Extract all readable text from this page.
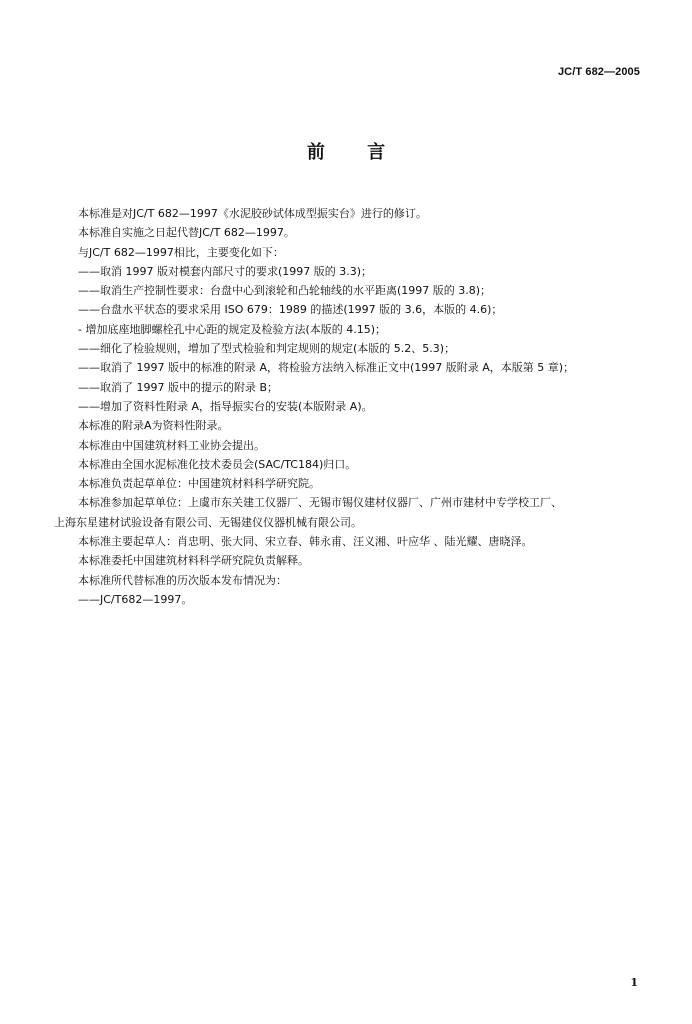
JC/T 682—2005
前 言

本标准是对JC/T 682—1997《水泥胶砂试体成型振实台》进行的修订。

本标准自实施之日起代替JC/T 682—1997。

与JC/T 682—1997相比，主要变化如下：

——取消 1997 版对模套内部尺寸的要求(1997 版的 3.3)；

——取消生产控制性要求：台盘中心到滚轮和凸轮轴线的水平距离(1997 版的 3.8)；

——台盘水平状态的要求采用 ISO 679：1989 的描述(1997 版的 3.6，本版的 4.6)；

- 增加底座地脚螺栓孔中心距的规定及检验方法(本版的 4.15)；

——细化了检验规则，增加了型式检验和判定规则的规定(本版的 5.2、5.3)；

——取消了 1997 版中的标准的附录 A，将检验方法纳入标准正文中(1997 版附录 A，本版第 5 章)；

——取消了 1997 版中的提示的附录 B；

——增加了资料性附录 A，指导振实台的安装(本版附录 A)。

本标准的附录A为资料性附录。

本标准由中国建筑材料工业协会提出。

本标准由全国水泥标准化技术委员会(SAC/TC184)归口。

本标准负责起草单位：中国建筑材料科学研究院。

本标准参加起草单位：上虞市东关建工仪器厂、无锡市锡仪建材仪器厂、广州市建材中专学校工厂、
上海东星建材试验设备有限公司、无锡建仪仪器机械有限公司。

本标准主要起草人：肖忠明、张大同、宋立春、韩永甫、汪义湘、叶应华 、陆光耀、唐晓泽。

本标准委托中国建筑材料科学研究院负责解释。

本标准所代替标准的历次版本发布情况为：

——JC/T682—1997。

1
